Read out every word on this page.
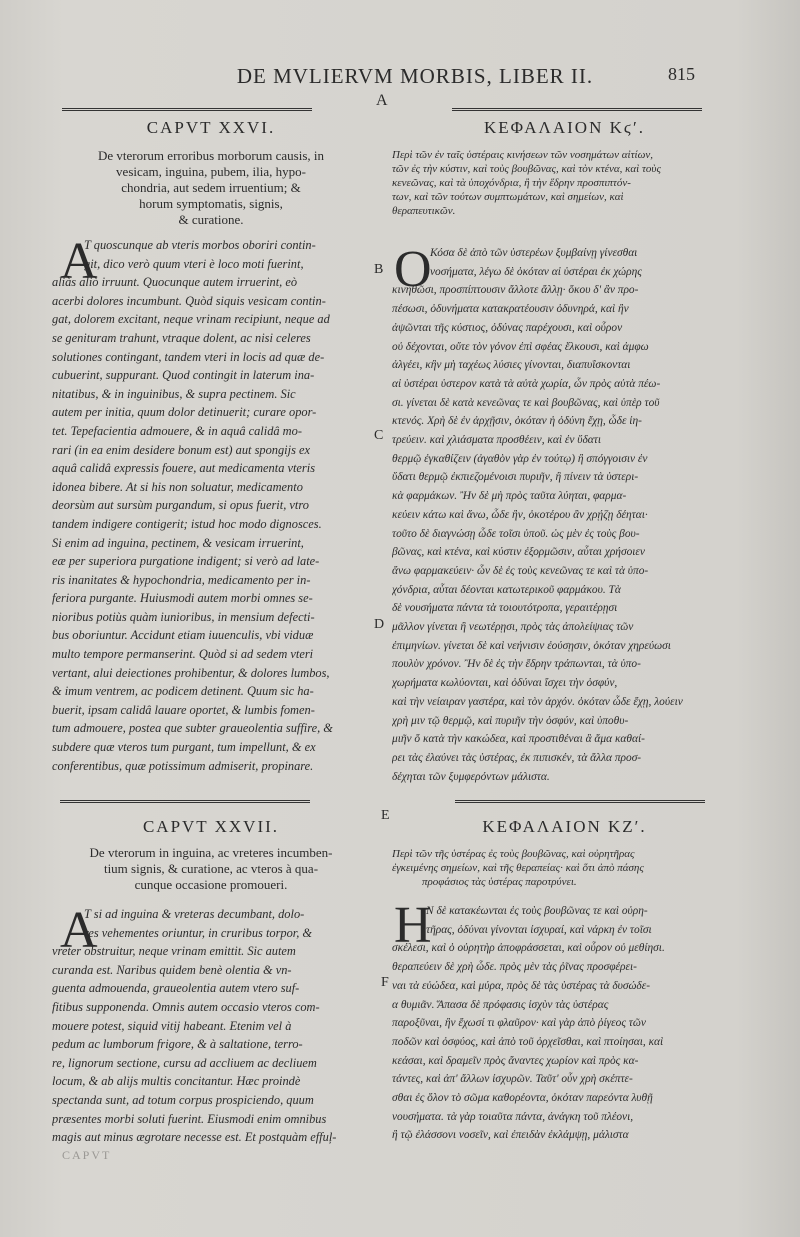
DE MVLIERVM MORBIS, LIBER II.	815
A
B
C
D
E
F
CAPVT XXVI.
De vterorum erroribus morborum causis, in
vesicam, inguina, pubem, ilia, hypo-
chondria, aut sedem irruentium; &
horum symptomatis, signis,
& curatione.
A
T quoscunque ab vteris morbos oboriri contin-
git, dico verò quum vteri è loco moti fuerint,
aliàs aliò irruunt. Quocunque autem irruerint, eò
acerbi dolores incumbunt. Quòd siquis vesicam contin-
gat, dolorem excitant, neque vrinam recipiunt, neque ad
se genituram trahunt, vtraque dolent, ac nisi celeres
solutiones contingant, tandem vteri in locis ad quæ de-
cubuerint, suppurant. Quod contingit in laterum ina-
nitatibus, & in inguinibus, & supra pectinem. Sic
autem per initia, quum dolor detinuerit; curare opor-
tet. Tepefacientia admouere, & in aquâ calidâ mo-
rari (in ea enim desidere bonum est) aut spongijs ex
aquâ calidâ expressis fouere, aut medicamenta vteris
idonea bibere. At si his non soluatur, medicamento
deorsùm aut sursùm purgandum, si opus fuerit, vtro
tandem indigere contigerit; istud hoc modo dignosces.
Si enim ad inguina, pectinem, & vesicam irruerint,
eæ per superiora purgatione indigent; si verò ad late-
ris inanitates & hypochondria, medicamento per in-
feriora purgante. Huiusmodi autem morbi omnes se-
nioribus potiùs quàm iunioribus, in mensium defecti-
bus oboriuntur. Accidunt etiam iuuenculis, vbi viduæ
multo tempore permanserint. Quòd si ad sedem vteri
vertant, alui deiectiones prohibentur, & dolores lumbos,
& imum ventrem, ac podicem detinent. Quum sic ha-
buerit, ipsam calidâ lauare oportet, & lumbis fomen-
tum admouere, postea que subter graueolentia suffire, &
subdere quæ vteros tum purgant, tum impellunt, & ex
conferentibus, quæ potissimum admiserit, propinare.
ΚΕΦΑΛΑΙΟΝ Κϛʹ.
Περὶ τῶν ἐν ταῖς ὑστέραις κινήσεων τῶν νοσημάτων αἰτίων,
τῶν ἐς τὴν κύστιν, καὶ τοὺς βουβῶνας, καὶ τὸν κτένα, καὶ τοὺς
κενεῶνας, καὶ τὰ ὑποχόνδρια, ἢ τὴν ἕδρην προσπιπτόν-
των, καὶ τῶν τούτων συμπτωμάτων, καὶ σημείων, καὶ
θεραπευτικῶν.
O
Κόσα δὲ ἀπὸ τῶν ὑστερέων ξυμβαίνῃ γίνεσθαι
νοσήματα, λέγω δὲ ὁκόταν αἱ ὑστέραι ἐκ χώρης
κινηθῶσι, προσπίπτουσιν ἄλλοτε ἄλλῃ· ὅκου δ' ἂν προ-
πέσωσι, ὀδυνήματα κατακρατέουσιν ὀδυνηρά, καὶ ἢν
ἀψῶνται τῆς κύστιος, ὀδύνας παρέχουσι, καὶ οὖρον
οὐ δέχονται, οὔτε τὸν γόνον ἐπὶ σφέας ἕλκουσι, καὶ ἀμφω
ἀλγέει, κἢν μὴ ταχέως λύσιες γίνονται, διαπυΐσκονται
αἱ ὑστέραι ὑστερον κατὰ τὰ αὐτὰ χωρία, ὧν πρὸς αὐτὰ πέω-
σι. γίνεται δὲ κατὰ κενεῶνας τε καὶ βουβῶνας, καὶ ὑπὲρ τοῦ
κτενός. Χρὴ δὲ ἐν ἀρχῇσιν, ὁκόταν ἡ ὀδύνη ἔχῃ, ὧδε ἰη-
τρεύειν. καὶ χλιάσματα προσθέειν, καὶ ἐν ὕδατι
θερμῷ ἐγκαθίζειν (ἀγαθὸν γὰρ ἐν τούτῳ) ἢ σπόγγοισιν ἐν
ὕδατι θερμῷ ἐκπιεζομένοισι πυριῆν, ἢ πίνειν τὰ ὑστερι-
κὰ φαρμάκων. Ἢν δὲ μὴ πρὸς ταῦτα λύηται, φαρμα-
κεύειν κάτω καὶ ἄνω, ὧδε ἢν, ὁκοτέρου ἂν χρῄζῃ δέηται·
τοῦτο δὲ διαγνώσῃ ὧδε τοῖσι ὑποῦ. ὡς μὲν ἐς τοὺς βου-
βῶνας, καὶ κτένα, καὶ κύστιν ἐξορμῶσιν, αὗται χρήσοιεν
ἄνω φαρμακεύειν· ὧν δὲ ἐς τοὺς κενεῶνας τε καὶ τὰ ὑπο-
χόνδρια, αὗται δέονται κατωτερικοῦ φαρμάκου. Τὰ
δὲ νουσήματα πάντα τὰ τοιουτότροπα, γεραιτέρῃσι
μᾶλλον γίνεται ἢ νεωτέρῃσι, πρὸς τὰς ἀπολείψιας τῶν
ἐπιμηνίων. γίνεται δὲ καὶ νεήνισιν ἐούσῃσιν, ὁκόταν χηρεύωσι
πουλὺν χρόνον. Ἢν δὲ ἐς τὴν ἕδρην τράπωνται, τὰ ὑπο-
χωρήματα κωλύονται, καὶ ὀδύναι ἴσχει τὴν ὀσφύν,
καὶ τὴν νείαιραν γαστέρα, καὶ τὸν ἀρχόν. ὁκόταν ὧδε ἔχῃ, λούειν
χρὴ μιν τῷ θερμῷ, καὶ πυριῆν τὴν ὀσφύν, καὶ ὑποθυ-
μιῆν ὅ κατὰ τὴν κακώδεα, καὶ προστιθέναι ἃ ἅμα καθαί-
ρει τὰς ἐλαύνει τὰς ὑστέρας, ἐκ πιπισκέν, τὰ ἄλλα προσ-
δέχηται τῶν ξυμφερόντων μάλιστα.
CAPVT XXVII.
De vterorum in inguina, ac vreteres incumben-
tium signis, & curatione, ac vteros à qua-
cunque occasione promoueri.
A
T si ad inguina & vreteras decumbant, dolo-
res vehementes oriuntur, in cruribus torpor, &
vreter obstruitur, neque vrinam emittit. Sic autem
curanda est. Naribus quidem benè olentia & vn-
guenta admouenda, graueolentia autem vtero suf-
fitibus supponenda. Omnis autem occasio vteros com-
mouere potest, siquid vitij habeant. Etenim vel à
pedum ac lumborum frigore, & à saltatione, terro-
re, lignorum sectione, cursu ad accliuem ac decliuem
locum, & ab alijs multis concitantur. Hæc proindè
spectanda sunt, ad totum corpus prospiciendo, quum
præsentes morbi soluti fuerint. Eiusmodi enim omnibus
magis aut minus ægrotare necesse est. Et postquàm effuļ-
ΚΕΦΑΛΑΙΟΝ ΚΖʹ.
Περὶ τῶν τῆς ὑστέρας ἐς τοὺς βουβῶνας, καὶ οὐρητῆρας
ἐγκειμένης σημείων, καὶ τῆς θεραπείας· καὶ ὅτι ἀπὸ πάσης
προφάσιος τὰς ὑστέρας παροτρύνει.
H
Ν δὲ κατακέωνται ἐς τοὺς βουβῶνας τε καὶ οὐρη-
τῆρας, ὀδύναι γίνονται ἰσχυραί, καὶ νάρκη ἐν τοῖσι
σκέλεσι, καὶ ὁ οὐρητὴρ ἀποφράσσεται, καὶ οὖρον οὐ μεθίησι.
θεραπεύειν δὲ χρὴ ὧδε. πρὸς μὲν τὰς ῥῖνας προσφέρει-
ναι τὰ εὐώδεα, καὶ μύρα, πρὸς δὲ τὰς ὑστέρας τὰ δυσώδε-
α θυμιᾶν. Ἅπασα δὲ πρόφασις ἰσχὺν τὰς ὑστέρας
παροξῦναι, ἢν ἔχωσί τι φλαῦρον· καὶ γὰρ ἀπὸ ῥίγεος τῶν
ποδῶν καὶ ὀσφύος, καὶ ἀπὸ τοῦ ὀρχεῖσθαι, καὶ πτοίησαι, καὶ
κεάσαι, καὶ δραμεῖν πρὸς ἄναντες χωρίον καὶ πρὸς κα-
τάντες, καὶ ἀπ' ἄλλων ἰσχυρῶν. Ταῦτ' οὖν χρὴ σκέπτε-
σθαι ἐς ὅλον τὸ σῶμα καθορέοντα, ὁκόταν παρεόντα λυθῇ
νουσήματα. τὰ γὰρ τοιαῦτα πάντα, ἀνάγκη τοῦ πλέονι,
ἢ τῷ ἐλάσσονι νοσεῖν, καὶ ἐπειδὰν ἐκλάμψῃ, μάλιστα
CAPVT
